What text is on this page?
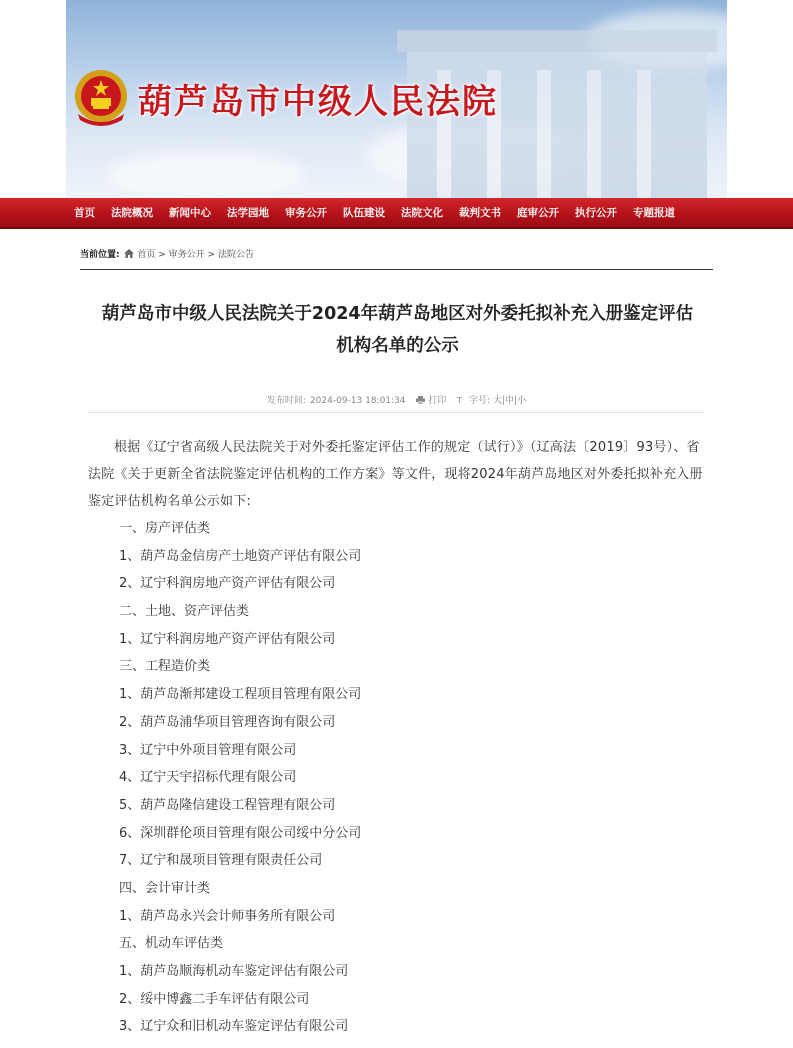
葫芦岛市中级人民法院
首页	法院概况	新闻中心	法学园地	审务公开	队伍建设	法院文化	裁判文书	庭审公开	执行公开	专题报道
当前位置: 首页 > 审务公开 > 法院公告
葫芦岛市中级人民法院关于2024年葫芦岛地区对外委托拟补充入册鉴定评估机构名单的公示
发布时间: 2024-09-13 18:01:34	打印 T 字号: 大|中|小

根据《辽宁省高级人民法院关于对外委托鉴定评估工作的规定（试行）》（辽高法〔2019〕93号）、省法院《关于更新全省法院鉴定评估机构的工作方案》等文件，现将2024年葫芦岛地区对外委托拟补充入册鉴定评估机构名单公示如下:

一、房产评估类
1、葫芦岛金信房产土地资产评估有限公司
2、辽宁科润房地产资产评估有限公司
二、土地、资产评估类
1、辽宁科润房地产资产评估有限公司
三、工程造价类
1、葫芦岛渐邦建设工程项目管理有限公司
2、葫芦岛浦华项目管理咨询有限公司
3、辽宁中外项目管理有限公司
4、辽宁天宇招标代理有限公司
5、葫芦岛隆信建设工程管理有限公司
6、深圳群伦项目管理有限公司绥中分公司
7、辽宁和晟项目管理有限责任公司
四、会计审计类
1、葫芦岛永兴会计师事务所有限公司
五、机动车评估类
1、葫芦岛顺海机动车鉴定评估有限公司
2、绥中博鑫二手车评估有限公司
3、辽宁众和旧机动车鉴定评估有限公司
